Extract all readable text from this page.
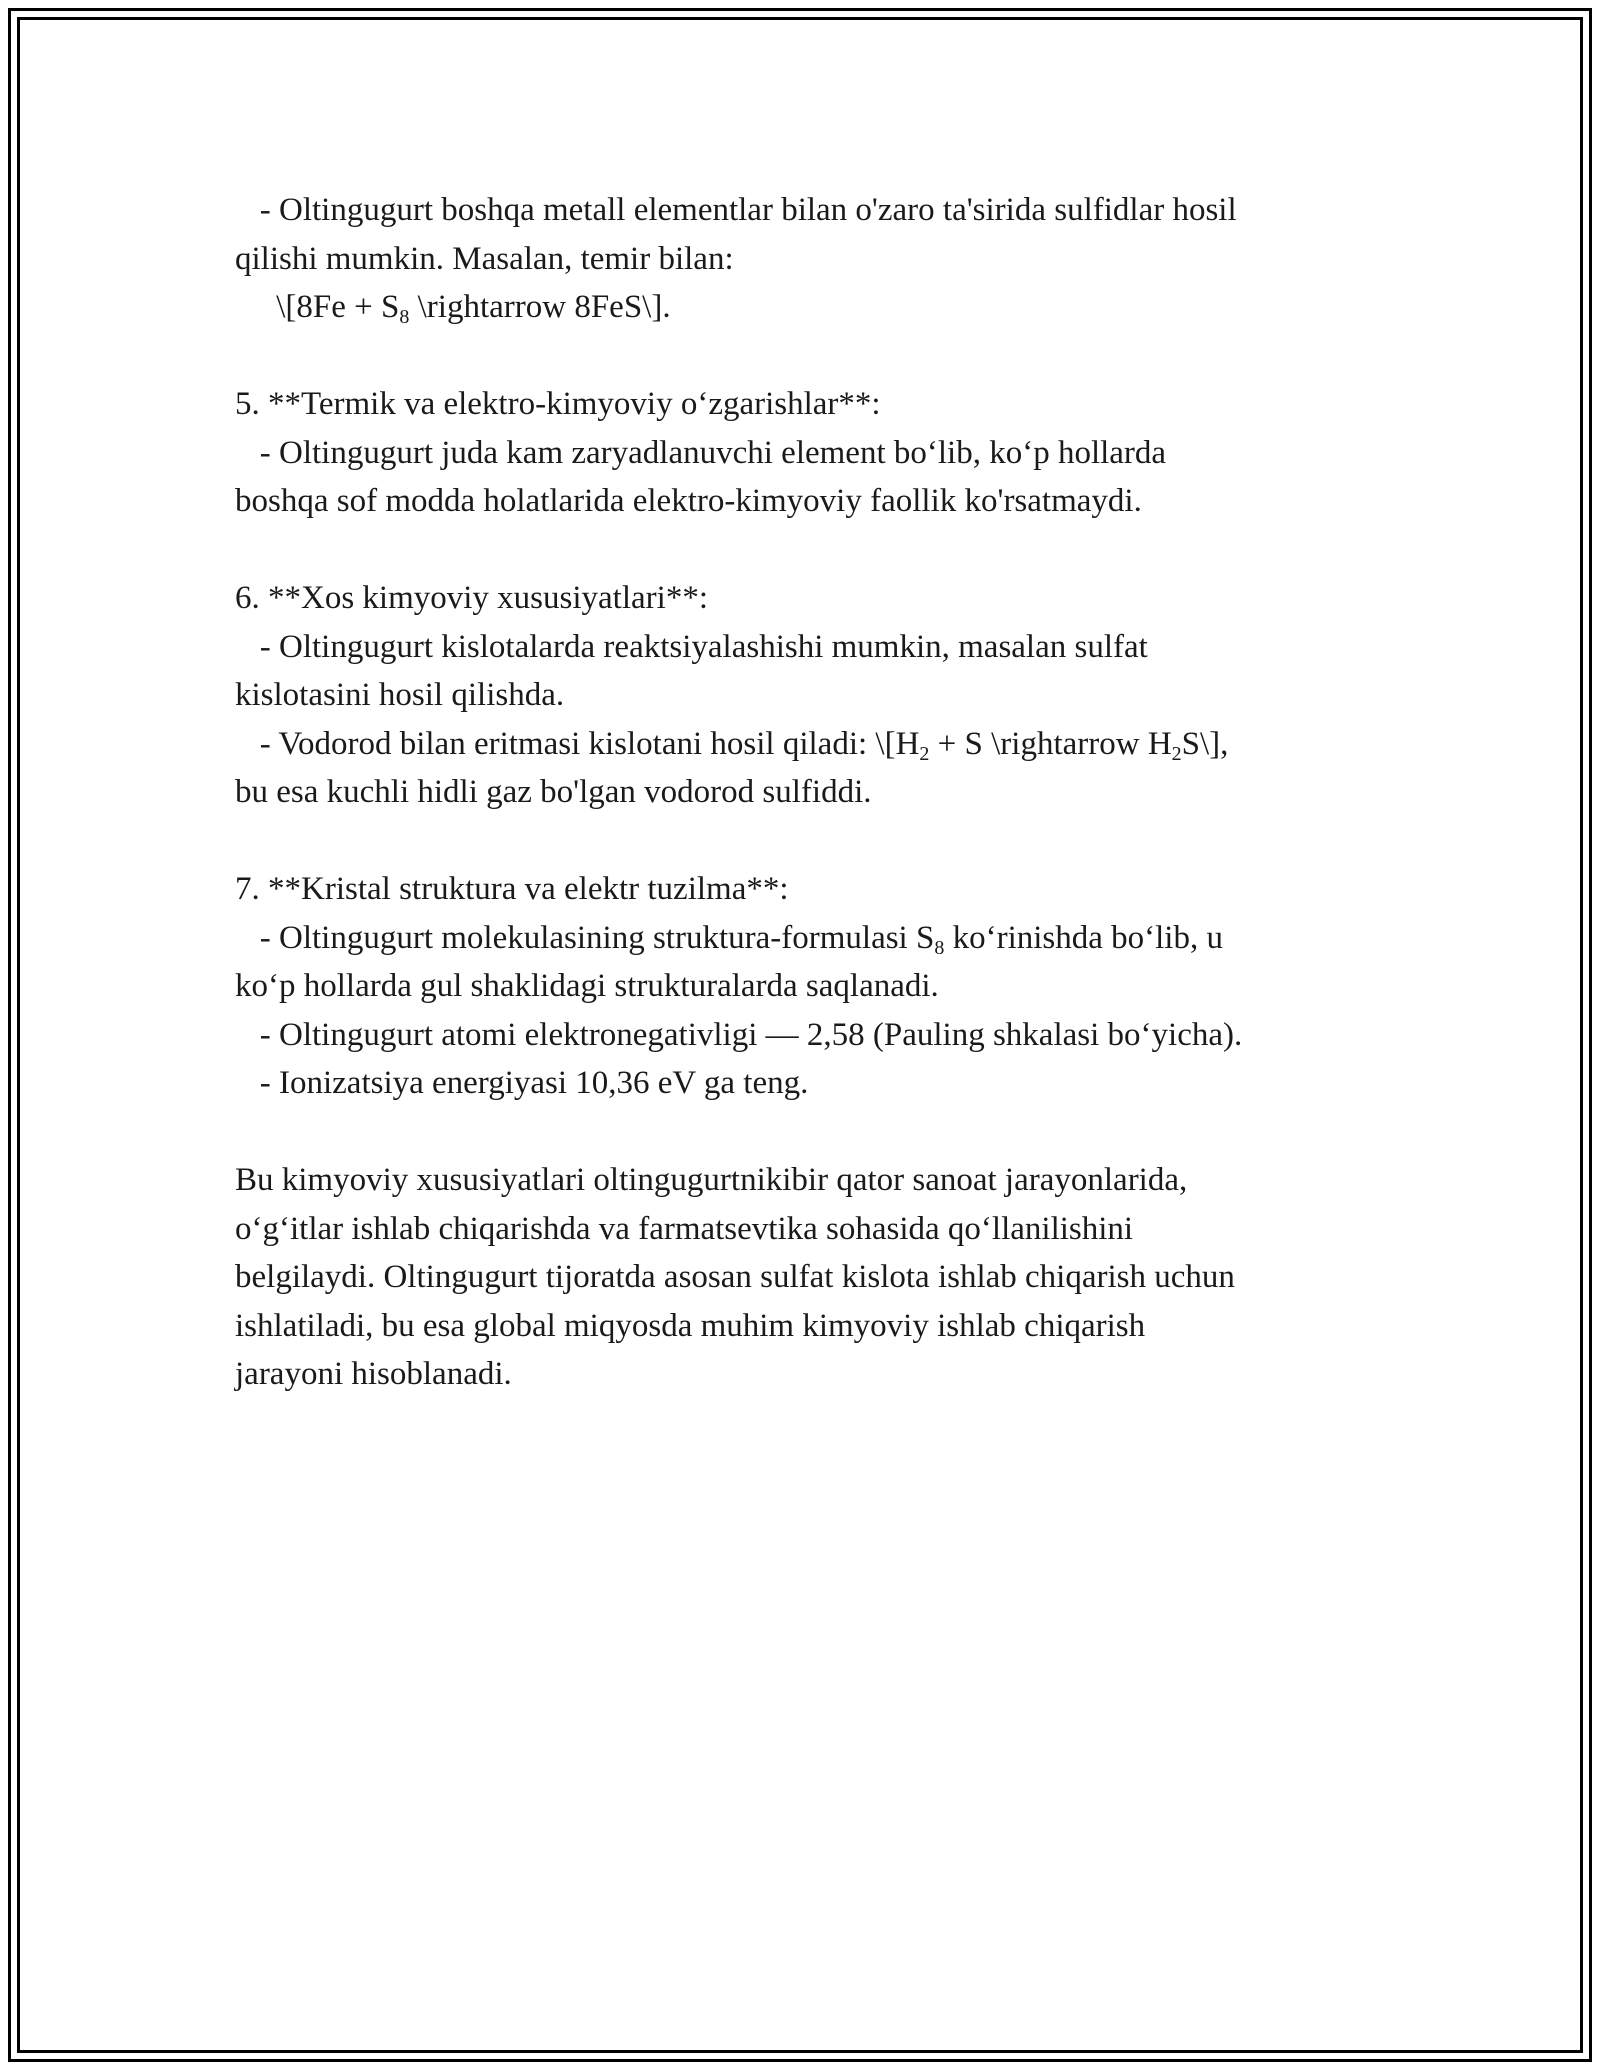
- Oltingugurt boshqa metall elementlar bilan o'zaro ta'sirida sulfidlar hosil
qilishi mumkin. Masalan, temir bilan:
\[8Fe + $S_8$ \rightarrow 8FeS\].
5. **Termik va elektro-kimyoviy oʻzgarishlar**:
- Oltingugurt juda kam zaryadlanuvchi element boʻlib, koʻp hollarda
boshqa sof modda holatlarida elektro-kimyoviy faollik ko'rsatmaydi.
6. **Xos kimyoviy xususiyatlari**:
- Oltingugurt kislotalarda reaktsiyalashishi mumkin, masalan sulfat
kislotasini hosil qilishda.
- Vodorod bilan eritmasi kislotani hosil qiladi: $\backslash[H_2 + S$ \rightarrow $H_2S\backslash$],
bu esa kuchli hidli gaz bo'lgan vodorod sulfiddi.
7. **Kristal struktura va elektr tuzilma**:
- Oltingugurt molekulasining struktura-formulasi $S_8$ koʻrinishda boʻlib, u
koʻp hollarda gul shaklidagi strukturalarda saqlanadi.
- Oltingugurt atomi elektronegativligi — 2,58 (Pauling shkalasi boʻyicha).
- Ionizatsiya energiyasi 10,36 eV ga teng.
Bu kimyoviy xususiyatlari oltingugurtnikibir qator sanoat jarayonlarida,
oʻgʻitlar ishlab chiqarishda va farmatsevtika sohasida qoʻllanilishini
belgilaydi. Oltingugurt tijoratda asosan sulfat kislota ishlab chiqarish uchun
ishlatiladi, bu esa global miqyosda muhim kimyoviy ishlab chiqarish
jarayoni hisoblanadi.
